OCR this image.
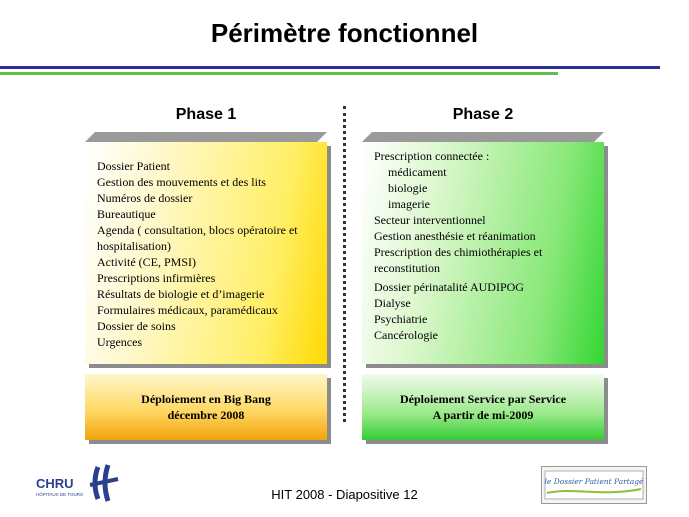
Périmètre fonctionnel
Phase 1	Phase 2
Dossier Patient
Gestion des mouvements et des lits
Numéros de dossier
Bureautique
Agenda ( consultation, blocs opératoire et hospitalisation)
Activité (CE, PMSI)
Prescriptions infirmières
Résultats de biologie et d’imagerie
Formulaires médicaux, paramédicaux
Dossier de soins
Urgences
Prescription connectée :
médicament
biologie
imagerie
Secteur interventionnel
Gestion anesthésie et réanimation
Prescription des chimiothérapies et reconstitution
Dossier périnatalité AUDIPOG
Dialyse
Psychiatrie
Cancérologie
Déploiement en Big Bang
décembre 2008
Déploiement Service par Service
A partir de mi-2009
CHRU
HÔPITAUX DE TOURS	HIT 2008 - Diapositive 12
le Dossier Patient Partagé
